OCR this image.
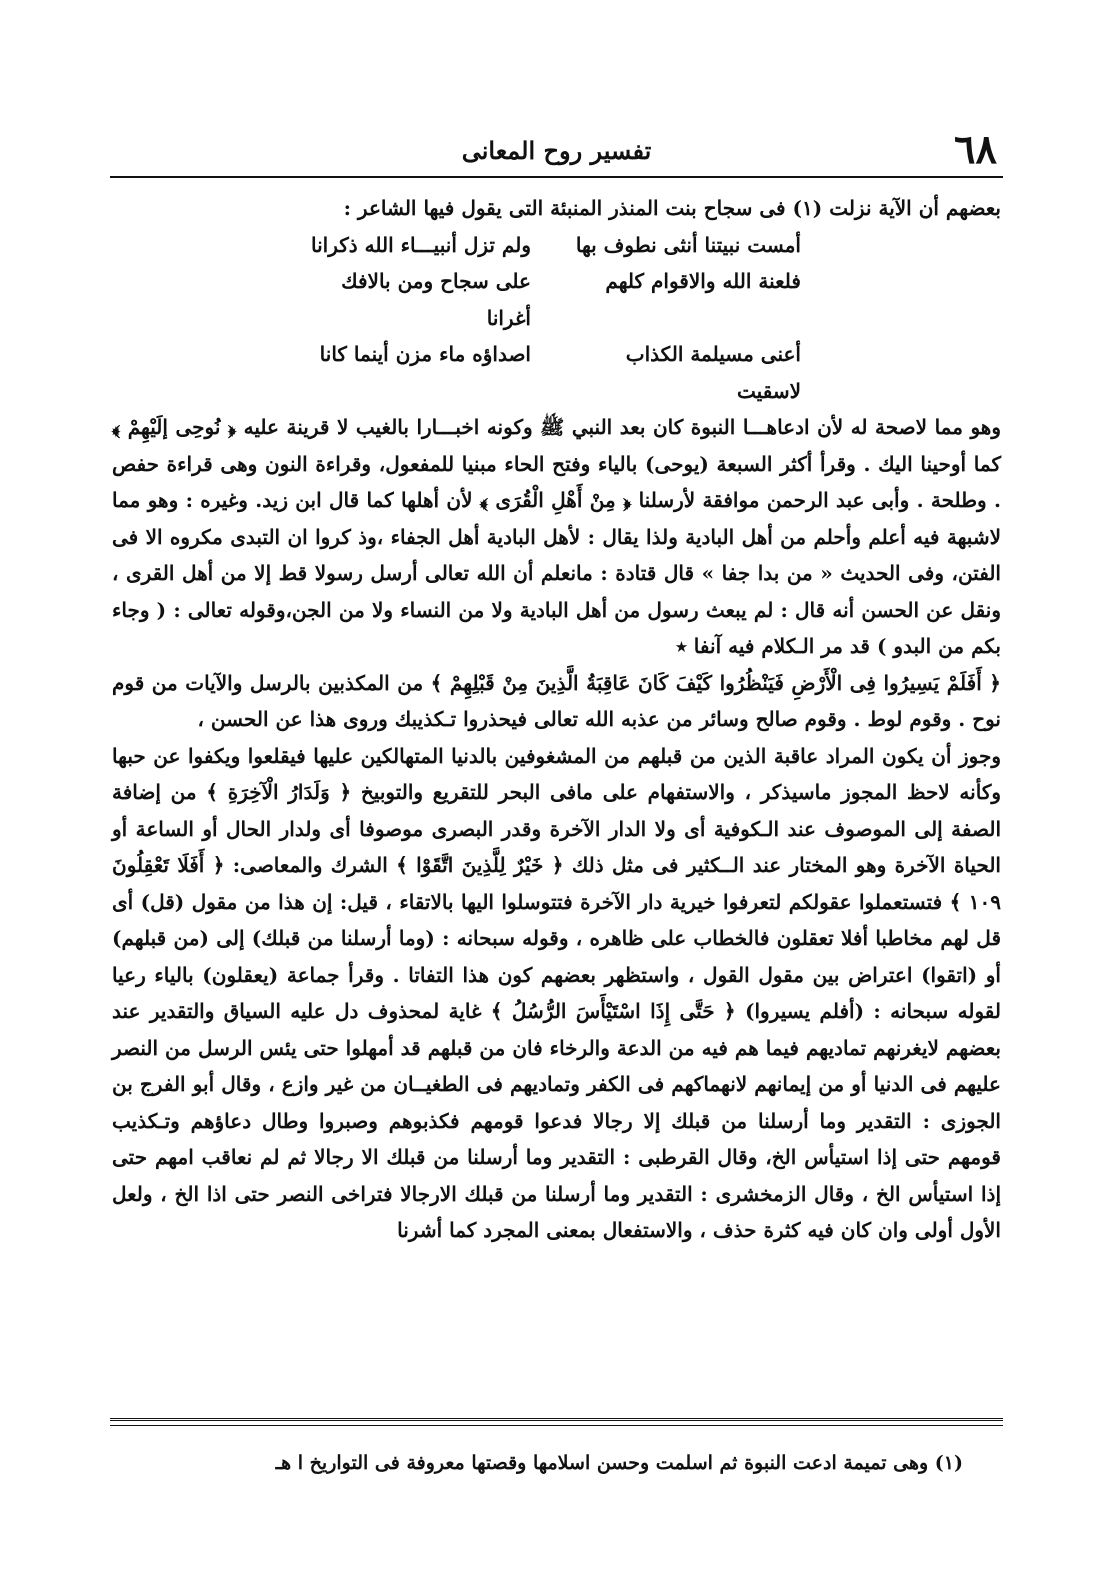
٦٨
تفسير روح المعانى

بعضهم أن الآية نزلت (١) فى سجاح بنت المنذر المنبئة التى يقول فيها الشاعر :

أمست نبيتنا أنثى نطوف بها
ولم تزل أنبيـــاء الله ذكرانا
فلعنة الله والاقوام كلهم
على سجاح ومن بالافك أغرانا
أعنى مسيلمة الكذاب لاسقيت
اصداؤه ماء مزن أينما كانا

وهو مما لاصحة له لأن ادعاهـــا النبوة كان بعد النبي ﷺ وكونه اخبـــارا بالغيب لا قرينة عليه ﴿ نُوحِى إلَيْهِمْ ﴾ كما أوحينا اليك . وقرأ أكثر السبعة (يوحى) بالياء وفتح الحاء مبنيا للمفعول، وقراءة النون وهى قراءة حفص . وطلحة . وأبى عبد الرحمن موافقة لأرسلنا ﴿ مِنْ أَهْلِ الْقُرَى ﴾ لأن أهلها كما قال ابن زيد. وغيره : وهو مما لاشبهة فيه أعلم وأحلم من أهل البادية ولذا يقال : لأهل البادية أهل الجفاء ،وذ كروا ان التبدى مكروه الا فى الفتن، وفى الحديث « من بدا جفا » قال قتادة : مانعلم أن الله تعالى أرسل رسولا قط إلا من أهل القرى ، ونقل عن الحسن أنه قال : لم يبعث رسول من أهل البادية ولا من النساء ولا من الجن،وقوله تعالى : ( وجاء بكم من البدو ) قد مر الـكلام فيه آنفا ٭

﴿ أَفَلَمْ يَسِيرُوا فِى الْأَرْضِ فَيَنْظُرُوا كَيْفَ كَانَ عَاقِبَةُ الَّذِينَ مِنْ قَبْلِهِمْ ﴾ من المكذبين بالرسل والآيات من قوم نوح . وقوم لوط . وقوم صالح وسائر من عذبه الله تعالى فيحذروا تـكذيبك وروى هذا عن الحسن ،

وجوز أن يكون المراد عاقبة الذين من قبلهم من المشغوفين بالدنيا المتهالكين عليها فيقلعوا ويكفوا عن حبها وكأنه لاحظ المجوز ماسيذكر ، والاستفهام على مافى البحر للتقريع والتوبيخ ﴿ وَلَدَارُ الْآخِرَةِ ﴾ من إضافة الصفة إلى الموصوف عند الـكوفية أى ولا الدار الآخرة وقدر البصرى موصوفا أى ولدار الحال أو الساعة أو الحياة الآخرة وهو المختار عند الــكثير فى مثل ذلك ﴿ خَيْرٌ لِلَّذِينَ اتَّقَوْا ﴾ الشرك والمعاصى: ﴿ أَفَلَا تَعْقِلُونَ ١٠٩ ﴾ فتستعملوا عقولكم لتعرفوا خيرية دار الآخرة فتتوسلوا اليها بالاتقاء ، قيل: إن هذا من مقول (قل) أى قل لهم مخاطبا أفلا تعقلون فالخطاب على ظاهره ، وقوله سبحانه : (وما أرسلنا من قبلك) إلى (من قبلهم) أو (اتقوا) اعتراض بين مقول القول ، واستظهر بعضهم كون هذا التفاتا . وقرأ جماعة (يعقلون) بالياء رعيا لقوله سبحانه : (أفلم يسيروا) ﴿ حَتَّى إِذَا اسْتَيْأَسَ الرُّسُلُ ﴾ غاية لمحذوف دل عليه السياق والتقدير عند بعضهم لايغرنهم تماديهم فيما هم فيه من الدعة والرخاء فان من قبلهم قد أمهلوا حتى يئس الرسل من النصر عليهم فى الدنيا أو من إيمانهم لانهماكهم فى الكفر وتماديهم فى الطغيــان من غير وازع ، وقال أبو الفرج بن الجوزى : التقدير وما أرسلنا من قبلك إلا رجالا فدعوا قومهم فكذبوهم وصبروا وطال دعاؤهم وتـكذيب قومهم حتى إذا استيأس الخ، وقال القرطبى : التقدير وما أرسلنا من قبلك الا رجالا ثم لم نعاقب امهم حتى إذا استيأس الخ ، وقال الزمخشرى : التقدير وما أرسلنا من قبلك الارجالا فتراخى النصر حتى اذا الخ ، ولعل الأول أولى وان كان فيه كثرة حذف ، والاستفعال بمعنى المجرد كما أشرنا

(١) وهى تميمة ادعت النبوة ثم اسلمت وحسن اسلامها وقصتها معروفة فى التواريخ ا هـ
